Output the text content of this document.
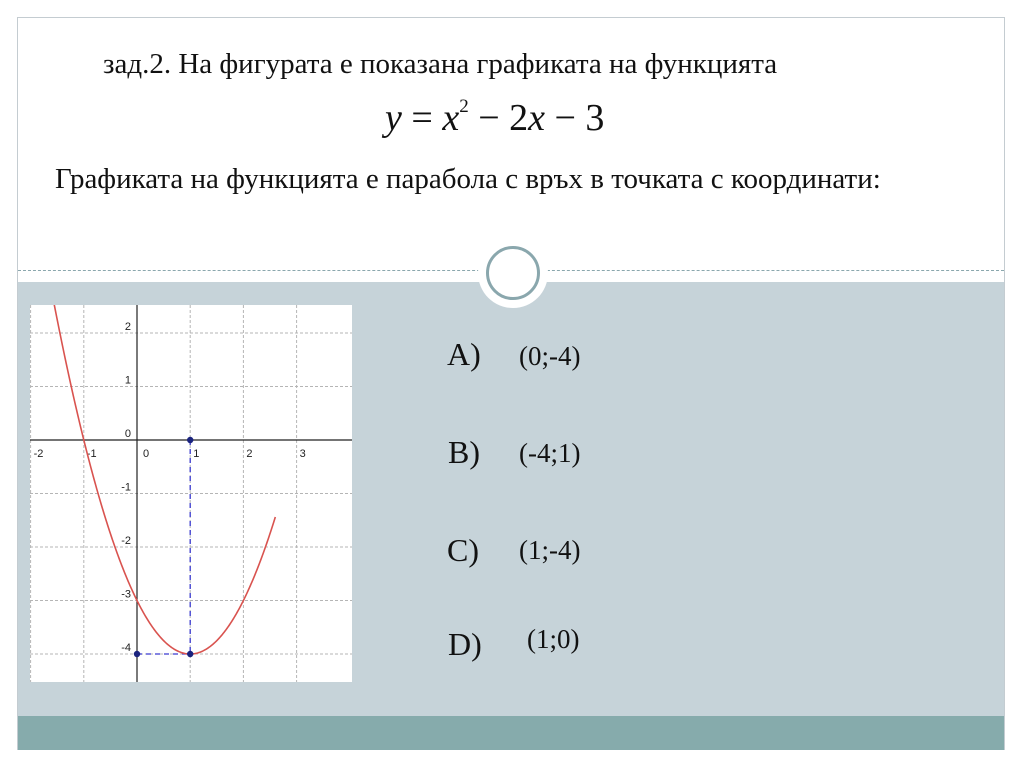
зад.2. На фигурата е показана графиката на функцията
$y = x^2 - 2x - 3$
Графиката на функцията е парабола с връх в точката с координати:
-2	-1	0	1	2	3
2
1
0
-1
-2
-3
-4
A) (0;-4)
B) (-4;1)
C) (1;-4)
D) (1;0)
